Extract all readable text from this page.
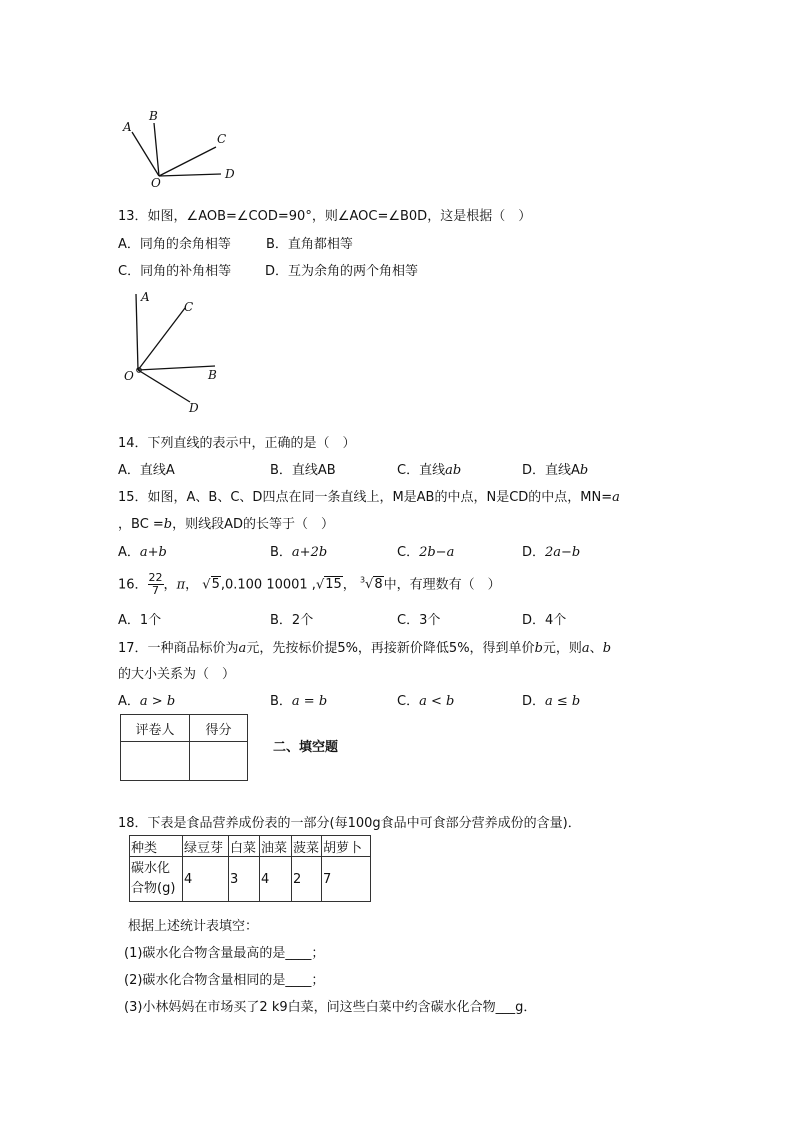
A
B
C
D
O
13．如图，∠AOB=∠COD=90°，则∠AOC=∠B0D，这是根据（　）
A．同角的余角相等	B．直角都相等
C．同角的补角相等	D．互为余角的两个角相等
A
C
O	B
D
14．下列直线的表示中，正确的是（　）
A．直线A	B．直线AB	C．直线ab	D．直线Ab
15．如图，A、B、C、D四点在同一条直线上，M是AB的中点，N是CD的中点，MN=a
，BC =b，则线段AD的长等于（　）
A．a+b	B．a+2b	C．2b−a	D．2a−b
16． $\frac{22}{7}$ ，π， √5,0.100 10001 ,√15， $^3$√8中，有理数有（　）
A．1个	B．2个	C．3个	D．4个
17．一种商品标价为a元，先按标价提5%，再接新价降低5%，得到单价b元，则a、b
的大小关系为（　）
A．a > b	B．a = b	C．a < b	D．a ≤ b
评卷人	得分

二、填空题
18．下表是食品营养成份表的一部分(每100g食品中可食部分营养成份的含量)．
种类	绿豆芽	白菜	油菜	菠菜	胡萝卜

碳水化
合物(g)	4	3	4	2	7
根据上述统计表填空：
(1)碳水化合物含量最高的是____；
(2)碳水化合物含量相同的是____；
(3)小林妈妈在市场买了2 k9白菜，问这些白菜中约含碳水化合物___g．
